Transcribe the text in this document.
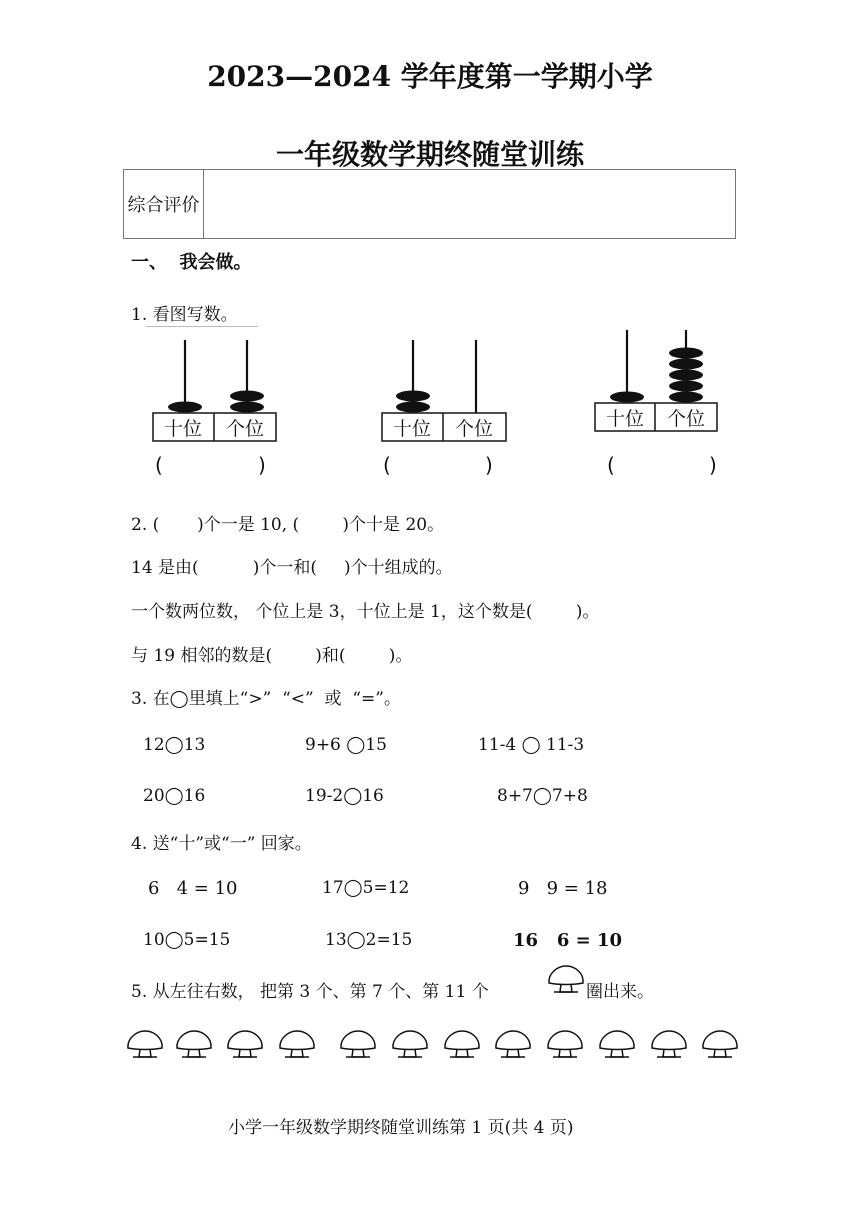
2023—2024 学年度第一学期小学
一年级数学期终随堂训练
综合评价
一、  我会做。
1. 看图写数。
十位 个位
(	)
十位 个位
(	)
十位 个位
(	)
2. (       )个一是 10, (        )个十是 20。
14 是由(          )个一和(     )个十组成的。
一个数两位数， 个位上是 3，十位上是 1，这个数是(        )。
与 19 相邻的数是(        )和(        )。
3. 在◯里填上“>”  “<”  或  “=”。
12◯13	9+6 ◯15	11-4 ◯ 11-3
20◯16	19-2◯16	8+7◯7+8
4. 送“十”或“一” 回家。
6   4 = 10	17◯5=12	9   9 = 18
10◯5=15	13◯2=15	16   6 = 10
5. 从左往右数， 把第 3 个、第 7 个、第 11 个	圈出来。
小学一年级数学期终随堂训练第 1 页(共 4 页)
